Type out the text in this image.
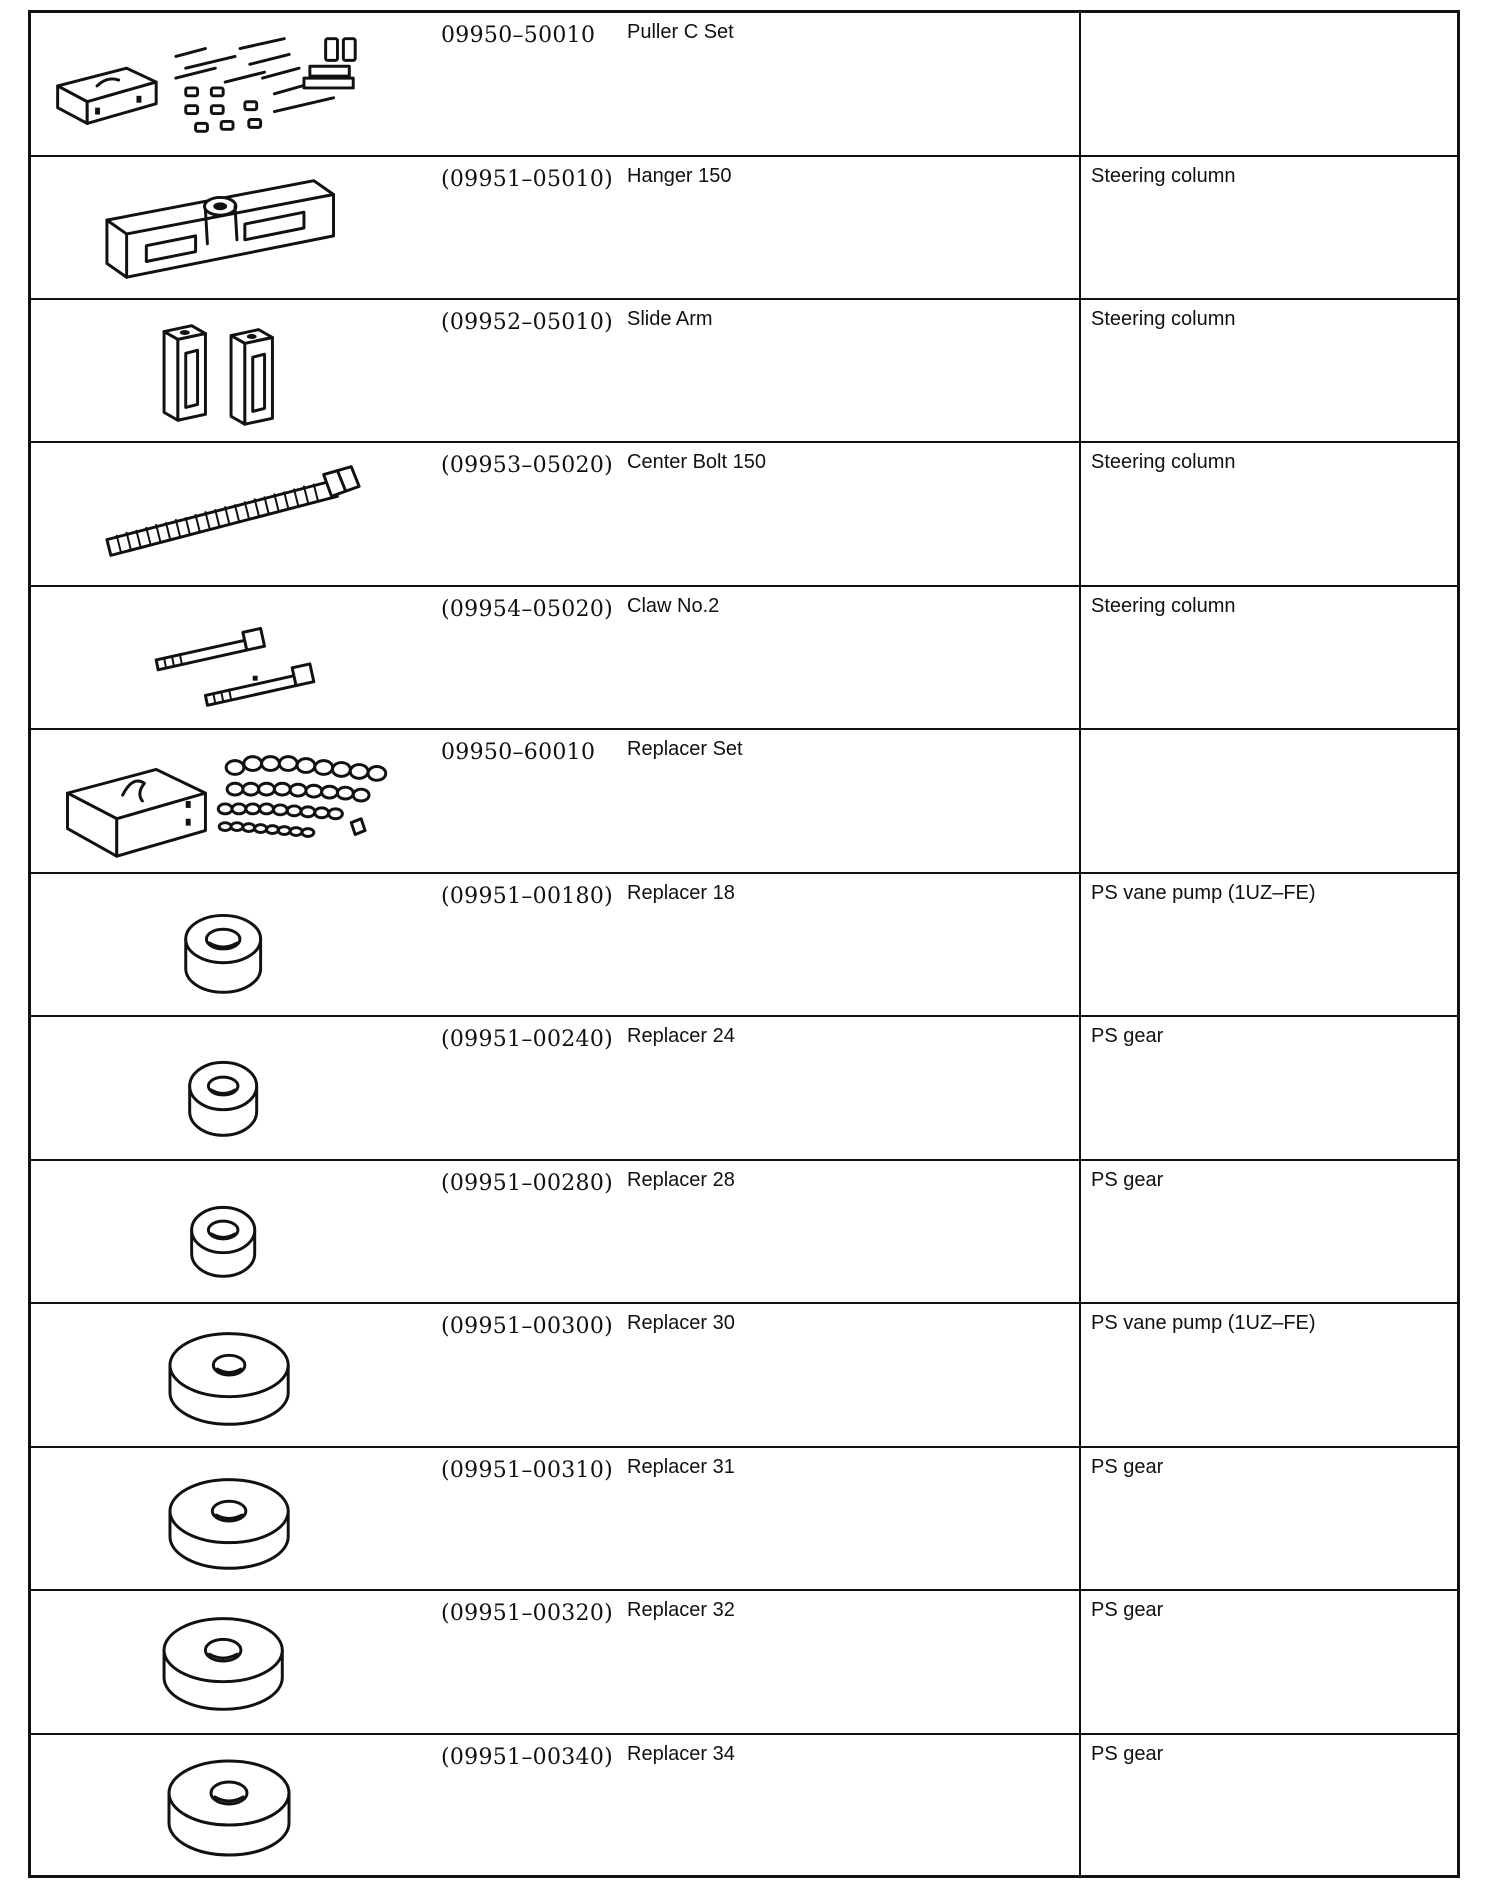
09950–50010 Puller C Set
(09951–05010) Hanger 150	Steering column
(09952–05010) Slide Arm	Steering column
(09953–05020) Center Bolt 150	Steering column
(09954–05020) Claw No.2	Steering column
09950–60010 Replacer Set
(09951–00180) Replacer 18	PS vane pump (1UZ–FE)
(09951–00240) Replacer 24	PS gear
(09951–00280) Replacer 28	PS gear
(09951–00300) Replacer 30	PS vane pump (1UZ–FE)
(09951–00310) Replacer 31	PS gear
(09951–00320) Replacer 32	PS gear
(09951–00340) Replacer 34	PS gear
